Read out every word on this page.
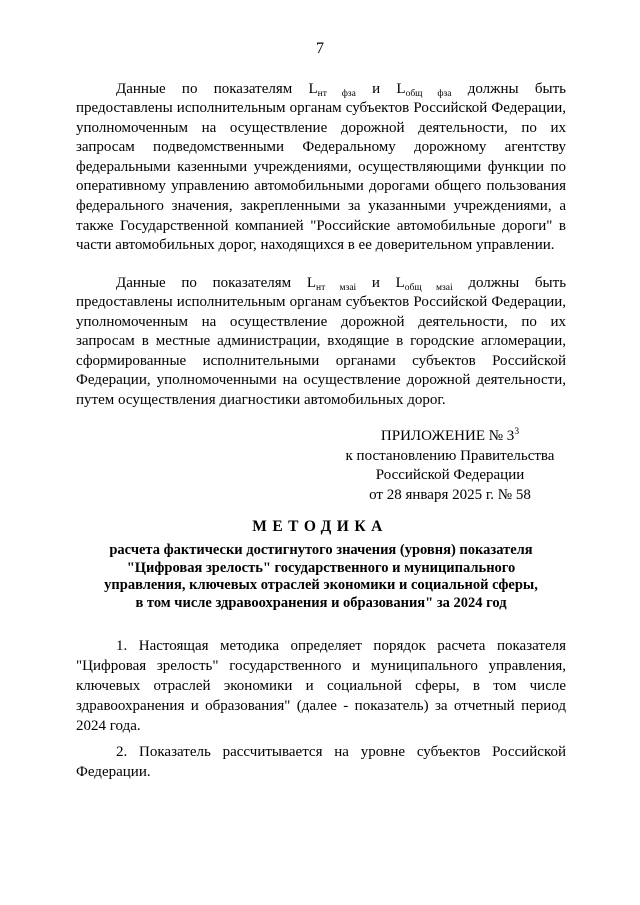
7

Данные по показателям $L_{нт фза}$ и $L_{общ фза}$ должны быть

предоставлены исполнительным органам субъектов Российской Федерации, уполномоченным на осуществление дорожной деятельности, по их запросам подведомственными Федеральному дорожному агентству федеральными казенными учреждениями, осуществляющими функции по оперативному управлению автомобильными дорогами общего пользования федерального значения, закрепленными за указанными учреждениями, а также Государственной компанией "Российские автомобильные дороги" в части автомобильных дорог, находящихся в ее доверительном управлении.

Данные по показателям $L_{нт мзаі}$ и $L_{общ мзаі}$ должны быть

предоставлены исполнительным органам субъектов Российской Федерации, уполномоченным на осуществление дорожной деятельности, по их запросам в местные администрации, входящие в городские агломерации, сформированные исполнительными органами субъектов Российской Федерации, уполномоченными на осуществление дорожной деятельности, путем осуществления диагностики автомобильных дорог.

ПРИЛОЖЕНИЕ № $3^3$
к постановлению Правительства
Российской Федерации
от 28 января 2025 г. № 58
МЕТОДИКА
расчета фактически достигнутого значения (уровня) показателя
"Цифровая зрелость" государственного и муниципального
управления, ключевых отраслей экономики и социальной сферы,
в том числе здравоохранения и образования" за 2024 год

1. Настоящая методика определяет порядок расчета показателя "Цифровая зрелость" государственного и муниципального управления, ключевых отраслей экономики и социальной сферы, в том числе здравоохранения и образования" (далее - показатель) за отчетный период 2024 года.

2. Показатель рассчитывается на уровне субъектов Российской Федерации.
